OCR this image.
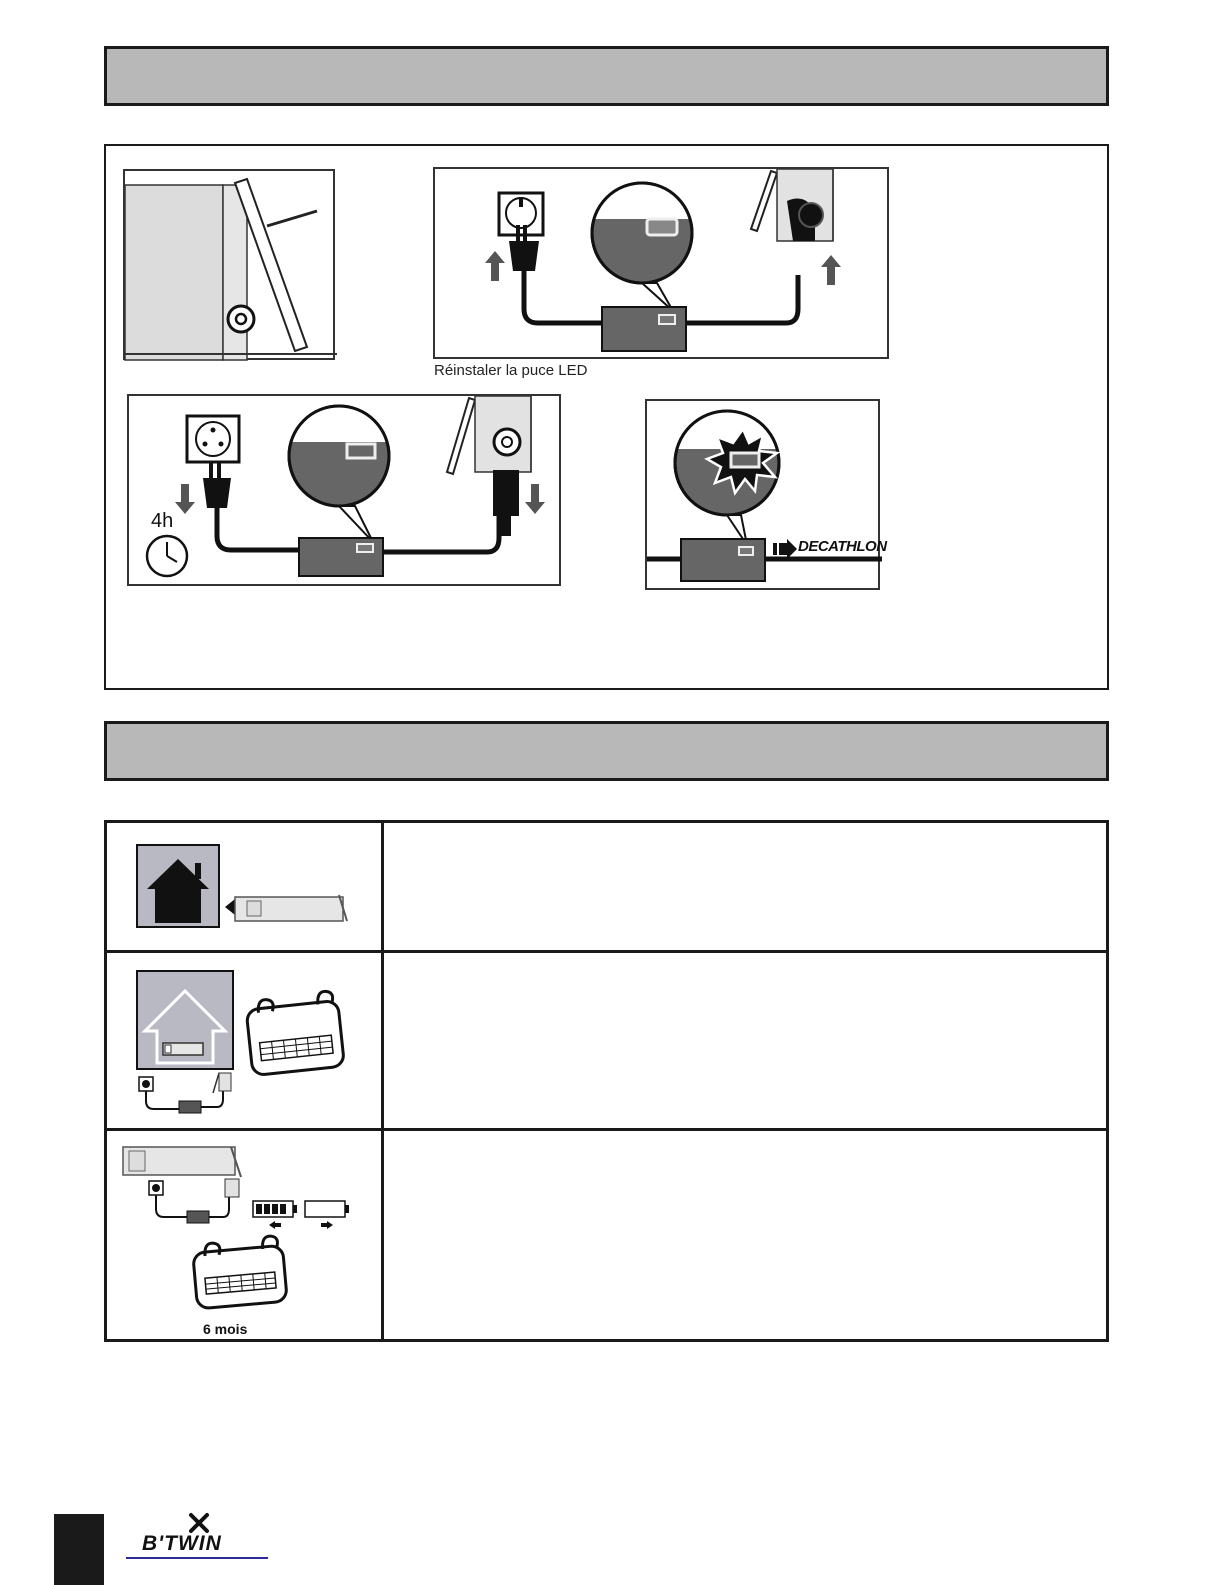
Réinstaler la puce LED
4h
DECATHLON
6 mois
B'TWIN
